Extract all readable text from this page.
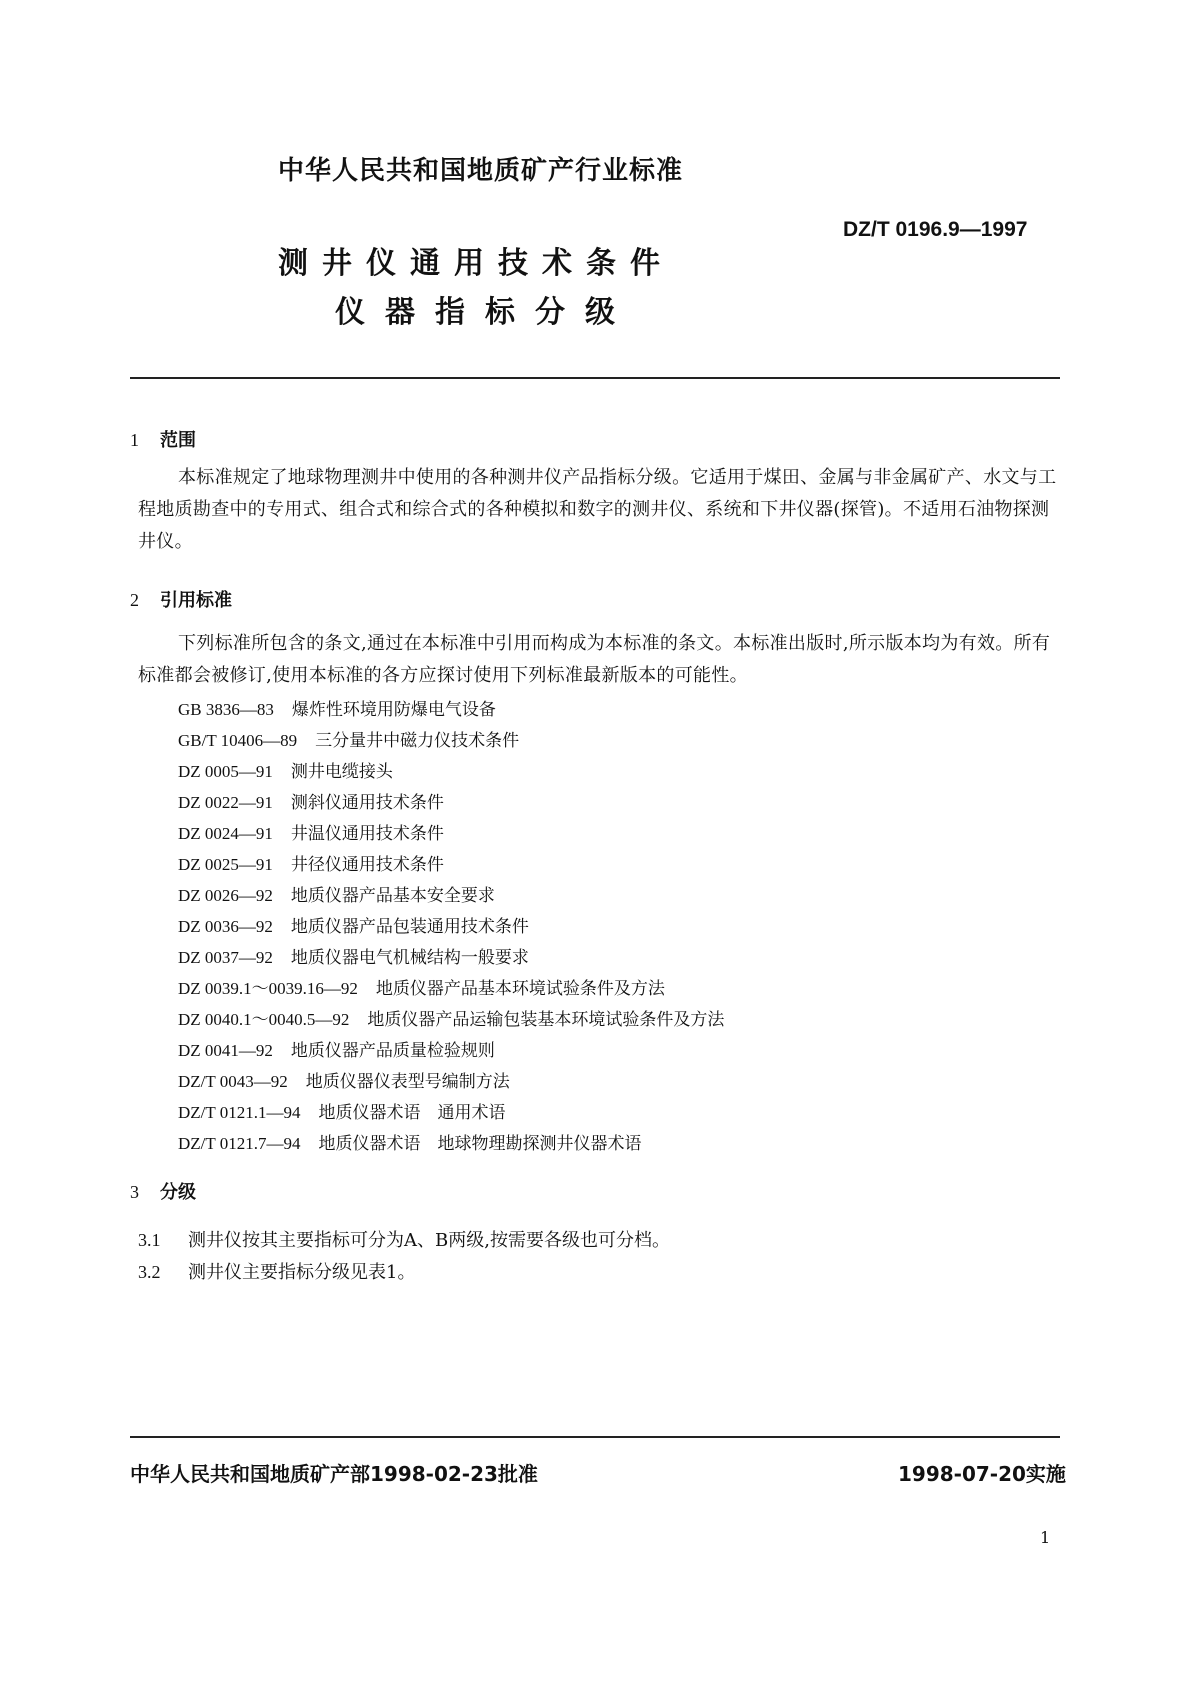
中华人民共和国地质矿产行业标准
DZ/T 0196.9—1997
测井仪通用技术条件
仪器指标分级
1 范围
本标准规定了地球物理测井中使用的各种测井仪产品指标分级。它适用于煤田、金属与非金属矿产、水文与工程地质勘查中的专用式、组合式和综合式的各种模拟和数字的测井仪、系统和下井仪器(探管)。不适用石油物探测井仪。
2 引用标准
下列标准所包含的条文,通过在本标准中引用而构成为本标准的条文。本标准出版时,所示版本均为有效。所有标准都会被修订,使用本标准的各方应探讨使用下列标准最新版本的可能性。
GB 3836—83 爆炸性环境用防爆电气设备
GB/T 10406—89 三分量井中磁力仪技术条件
DZ 0005—91 测井电缆接头
DZ 0022—91 测斜仪通用技术条件
DZ 0024—91 井温仪通用技术条件
DZ 0025—91 井径仪通用技术条件
DZ 0026—92 地质仪器产品基本安全要求
DZ 0036—92 地质仪器产品包装通用技术条件
DZ 0037—92 地质仪器电气机械结构一般要求
DZ 0039.1～0039.16—92 地质仪器产品基本环境试验条件及方法
DZ 0040.1～0040.5—92 地质仪器产品运输包装基本环境试验条件及方法
DZ 0041—92 地质仪器产品质量检验规则
DZ/T 0043—92 地质仪器仪表型号编制方法
DZ/T 0121.1—94 地质仪器术语　通用术语
DZ/T 0121.7—94 地质仪器术语　地球物理勘探测井仪器术语
3 分级
3.1 测井仪按其主要指标可分为A、B两级,按需要各级也可分档。
3.2 测井仪主要指标分级见表1。
中华人民共和国地质矿产部1998-02-23批准	1998-07-20实施
1
